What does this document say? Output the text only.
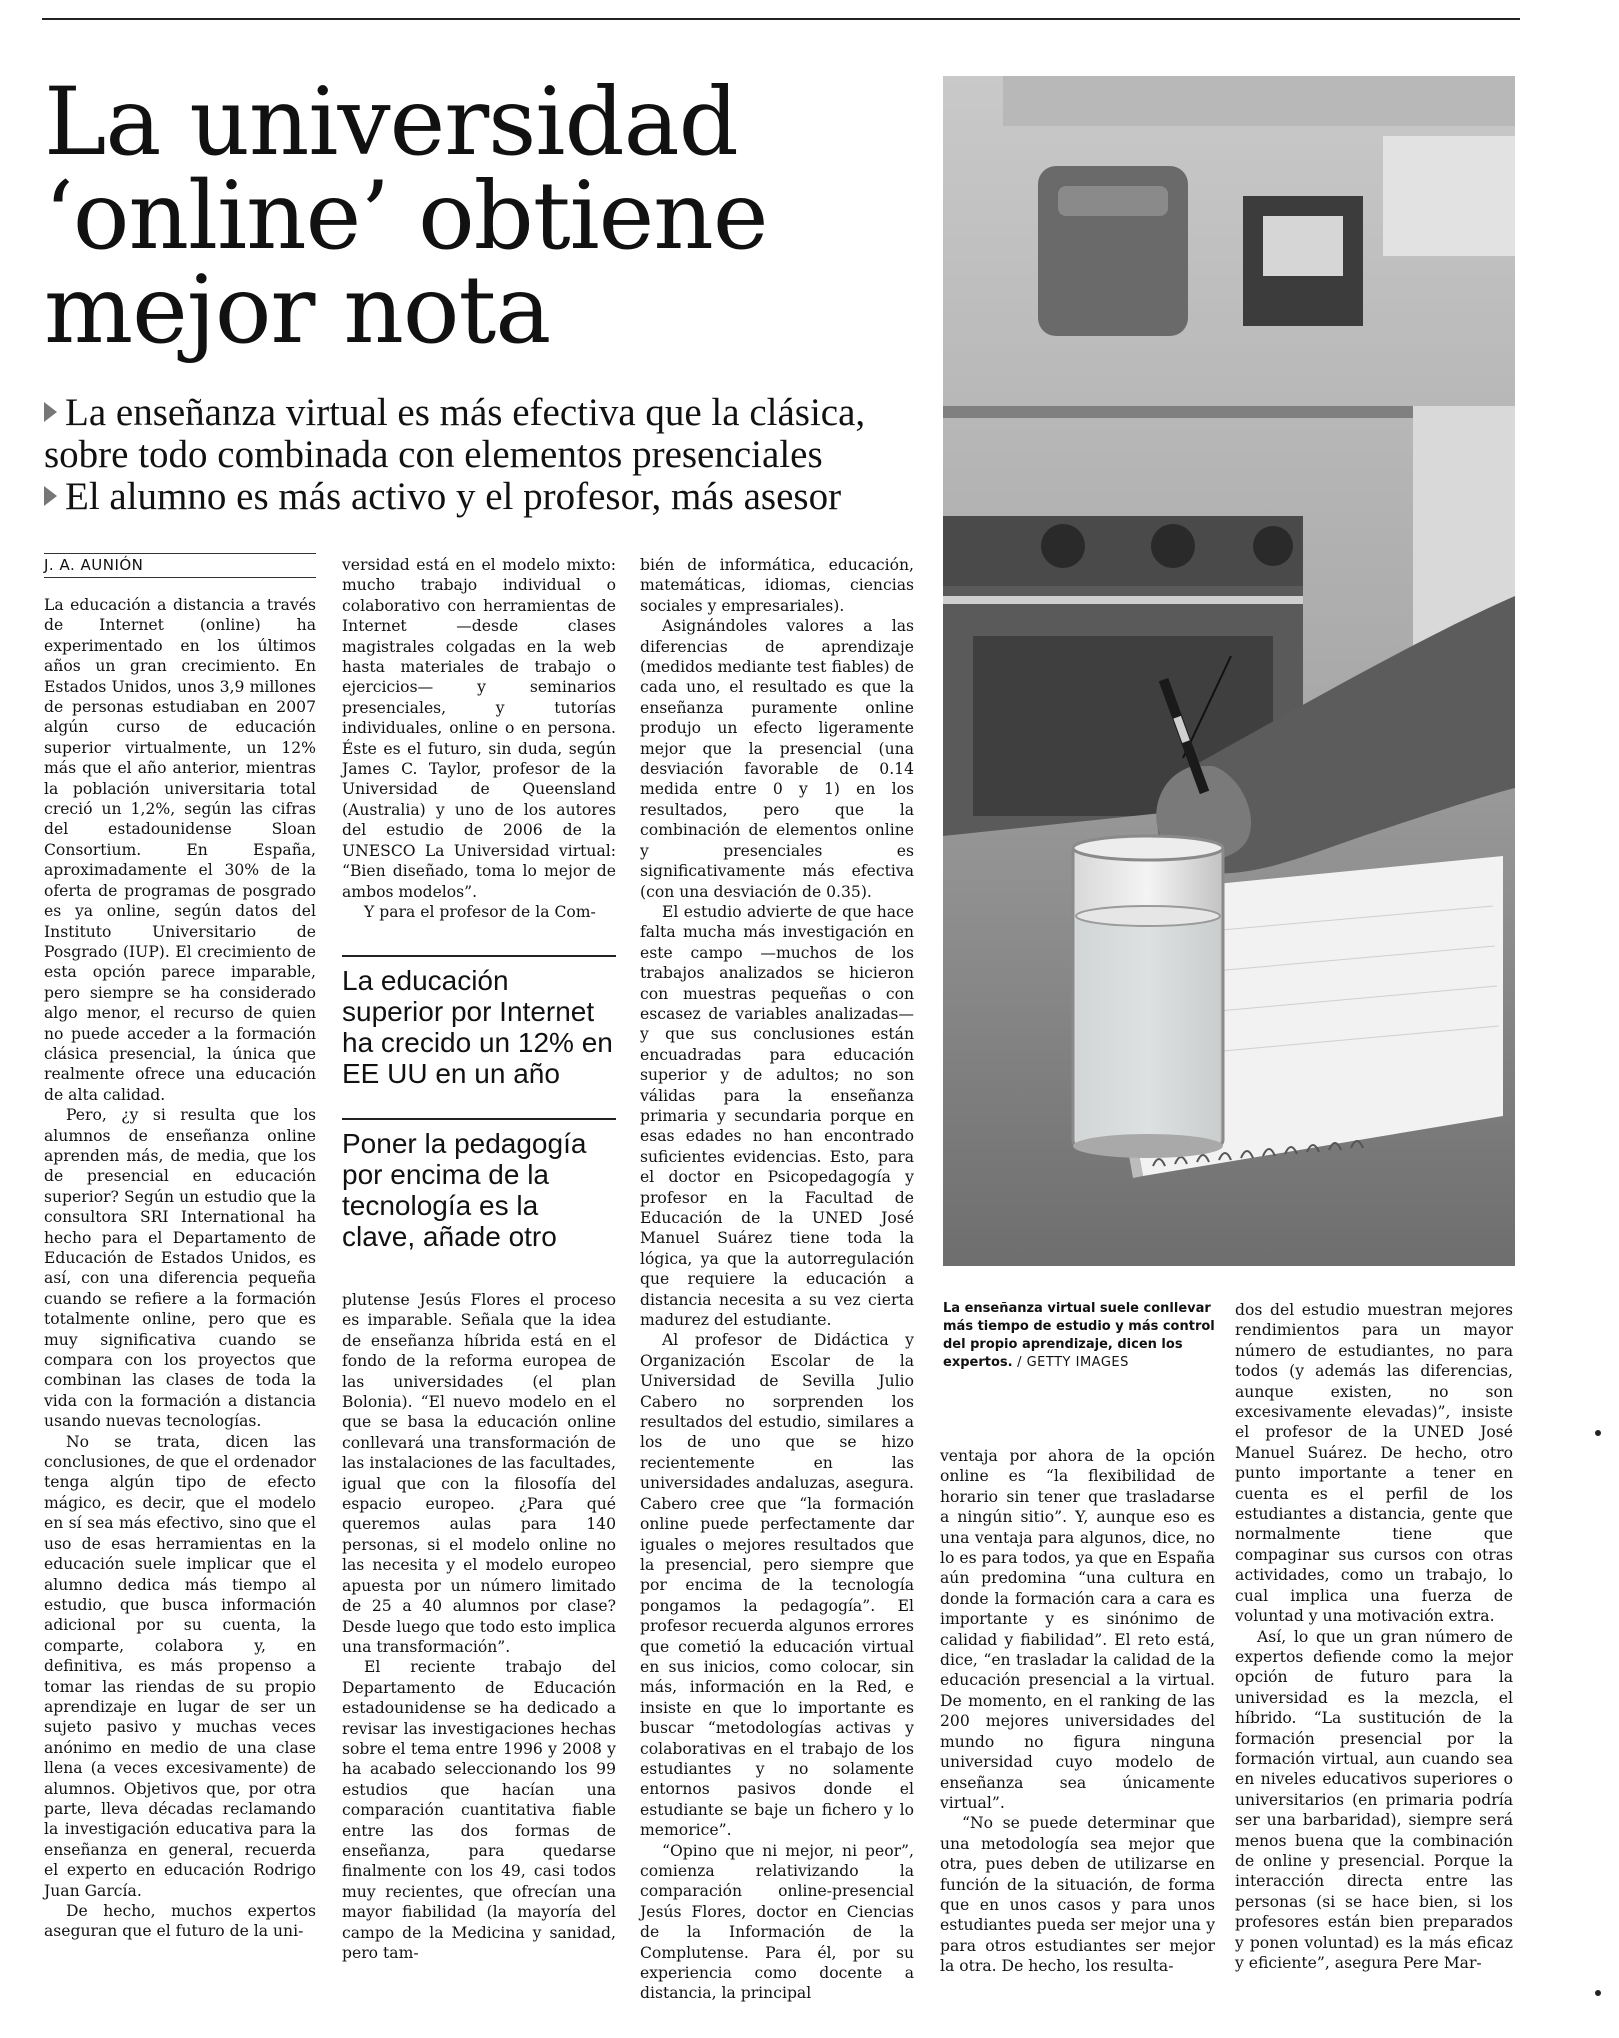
La universidad
‘online’ obtiene
mejor nota

La enseñanza virtual es más efectiva que la clásica, sobre todo combinada con elementos presenciales

El alumno es más activo y el profesor, más asesor

J. A. AUNIÓN

La educación a distancia a través de Internet (online) ha experimentado en los últimos años un gran crecimiento. En Estados Unidos, unos 3,9 millones de personas estudiaban en 2007 algún curso de educación superior virtualmente, un 12% más que el año anterior, mientras la población universitaria total creció un 1,2%, según las cifras del estadounidense Sloan Consortium. En España, aproximadamente el 30% de la oferta de programas de posgrado es ya online, según datos del Instituto Universitario de Posgrado (IUP). El crecimiento de esta opción parece imparable, pero siempre se ha considerado algo menor, el recurso de quien no puede acceder a la formación clásica presencial, la única que realmente ofrece una educación de alta calidad.

Pero, ¿y si resulta que los alumnos de enseñanza online aprenden más, de media, que los de presencial en educación superior? Según un estudio que la consultora SRI International ha hecho para el Departamento de Educación de Estados Unidos, es así, con una diferencia pequeña cuando se refiere a la formación totalmente online, pero que es muy significativa cuando se compara con los proyectos que combinan las clases de toda la vida con la formación a distancia usando nuevas tecnologías.

No se trata, dicen las conclusiones, de que el ordenador tenga algún tipo de efecto mágico, es decir, que el modelo en sí sea más efectivo, sino que el uso de esas herramientas en la educación suele implicar que el alumno dedica más tiempo al estudio, que busca información adicional por su cuenta, la comparte, colabora y, en definitiva, es más propenso a tomar las riendas de su propio aprendizaje en lugar de ser un sujeto pasivo y muchas veces anónimo en medio de una clase llena (a veces excesivamente) de alumnos. Objetivos que, por otra parte, lleva décadas reclamando la investigación educativa para la enseñanza en general, recuerda el experto en educación Rodrigo Juan García.

De hecho, muchos expertos aseguran que el futuro de la uni-

versidad está en el modelo mixto: mucho trabajo individual o colaborativo con herramientas de Internet —desde clases magistrales colgadas en la web hasta materiales de trabajo o ejercicios— y seminarios presenciales, y tutorías individuales, online o en persona. Éste es el futuro, sin duda, según James C. Taylor, profesor de la Universidad de Queensland (Australia) y uno de los autores del estudio de 2006 de la UNESCO La Universidad virtual: “Bien diseñado, toma lo mejor de ambos modelos”.

Y para el profesor de la Com-

La educación superior por Internet ha crecido un 12% en EE UU en un año
Poner la pedagogía por encima de la tecnología es la clave, añade otro

plutense Jesús Flores el proceso es imparable. Señala que la idea de enseñanza híbrida está en el fondo de la reforma europea de las universidades (el plan Bolonia). “El nuevo modelo en el que se basa la educación online conllevará una transformación de las instalaciones de las facultades, igual que con la filosofía del espacio europeo. ¿Para qué queremos aulas para 140 personas, si el modelo online no las necesita y el modelo europeo apuesta por un número limitado de 25 a 40 alumnos por clase? Desde luego que todo esto implica una transformación”.

El reciente trabajo del Departamento de Educación estadounidense se ha dedicado a revisar las investigaciones hechas sobre el tema entre 1996 y 2008 y ha acabado seleccionando los 99 estudios que hacían una comparación cuantitativa fiable entre las dos formas de enseñanza, para quedarse finalmente con los 49, casi todos muy recientes, que ofrecían una mayor fiabilidad (la mayoría del campo de la Medicina y sanidad, pero tam-

bién de informática, educación, matemáticas, idiomas, ciencias sociales y empresariales).

Asignándoles valores a las diferencias de aprendizaje (medidos mediante test fiables) de cada uno, el resultado es que la enseñanza puramente online produjo un efecto ligeramente mejor que la presencial (una desviación favorable de 0.14 medida entre 0 y 1) en los resultados, pero que la combinación de elementos online y presenciales es significativamente más efectiva (con una desviación de 0.35).

El estudio advierte de que hace falta mucha más investigación en este campo —muchos de los trabajos analizados se hicieron con muestras pequeñas o con escasez de variables analizadas— y que sus conclusiones están encuadradas para educación superior y de adultos; no son válidas para la enseñanza primaria y secundaria porque en esas edades no han encontrado suficientes evidencias. Esto, para el doctor en Psicopedagogía y profesor en la Facultad de Educación de la UNED José Manuel Suárez tiene toda la lógica, ya que la autorregulación que requiere la educación a distancia necesita a su vez cierta madurez del estudiante.

Al profesor de Didáctica y Organización Escolar de la Universidad de Sevilla Julio Cabero no sorprenden los resultados del estudio, similares a los de uno que se hizo recientemente en las universidades andaluzas, asegura. Cabero cree que “la formación online puede perfectamente dar iguales o mejores resultados que la presencial, pero siempre que por encima de la tecnología pongamos la pedagogía”. El profesor recuerda algunos errores que cometió la educación virtual en sus inicios, como colocar, sin más, información en la Red, e insiste en que lo importante es buscar “metodologías activas y colaborativas en el trabajo de los estudiantes y no solamente entornos pasivos donde el estudiante se baje un fichero y lo memorice”.

“Opino que ni mejor, ni peor”, comienza relativizando la comparación online-presencial Jesús Flores, doctor en Ciencias de la Información de la Complutense. Para él, por su experiencia como docente a distancia, la principal

La enseñanza virtual suele conllevar más tiempo de estudio y más control del propio aprendizaje, dicen los expertos. / GETTY IMAGES

ventaja por ahora de la opción online es “la flexibilidad de horario sin tener que trasladarse a ningún sitio”. Y, aunque eso es una ventaja para algunos, dice, no lo es para todos, ya que en España aún predomina “una cultura en donde la formación cara a cara es importante y es sinónimo de calidad y fiabilidad”. El reto está, dice, “en trasladar la calidad de la educación presencial a la virtual. De momento, en el ranking de las 200 mejores universidades del mundo no figura ninguna universidad cuyo modelo de enseñanza sea únicamente virtual”.

“No se puede determinar que una metodología sea mejor que otra, pues deben de utilizarse en función de la situación, de forma que en unos casos y para unos estudiantes pueda ser mejor una y para otros estudiantes ser mejor la otra. De hecho, los resulta-

dos del estudio muestran mejores rendimientos para un mayor número de estudiantes, no para todos (y además las diferencias, aunque existen, no son excesivamente elevadas)”, insiste el profesor de la UNED José Manuel Suárez. De hecho, otro punto importante a tener en cuenta es el perfil de los estudiantes a distancia, gente que normalmente tiene que compaginar sus cursos con otras actividades, como un trabajo, lo cual implica una fuerza de voluntad y una motivación extra.

Así, lo que un gran número de expertos defiende como la mejor opción de futuro para la universidad es la mezcla, el híbrido. “La sustitución de la formación presencial por la formación virtual, aun cuando sea en niveles educativos superiores o universitarios (en primaria podría ser una barbaridad), siempre será menos buena que la combinación de online y presencial. Porque la interacción directa entre las personas (si se hace bien, si los profesores están bien preparados y ponen voluntad) es la más eficaz y eficiente”, asegura Pere Mar-
